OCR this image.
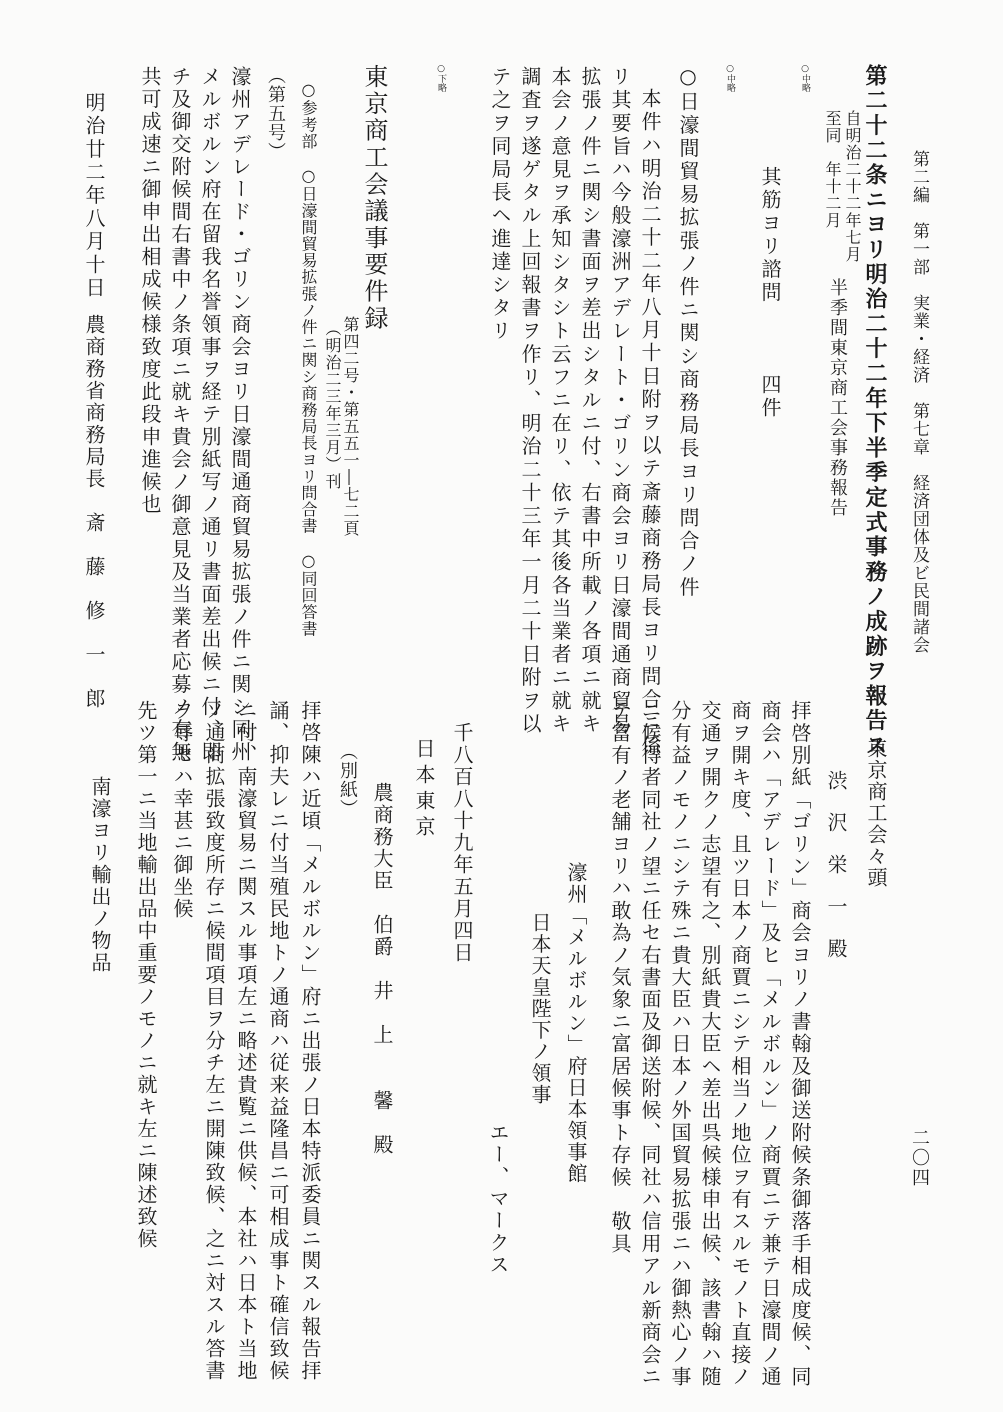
第二編　第一部　実業・経済　第七章　経済団体及ビ民間諸会
第二十二条ニヨリ明治二十二年下半季定式事務ノ成跡ヲ報告ス
自明治二十二年七月
至同　年十二月
半季間東京商工会事務報告
○中略
其筋ヨリ諮問　　　四件
○中略
○日濠間貿易拡張ノ件ニ関シ商務局長ヨリ問合ノ件
本件ハ明治二十二年八月十日附ヲ以テ斎藤商務局長ヨリ問合ニ係
リ其要旨ハ今般濠洲アデレート・ゴリン商会ヨリ日濠間通商貿易
拡張ノ件ニ関シ書面ヲ差出シタルニ付、右書中所載ノ各項ニ就キ
本会ノ意見ヲ承知シタシト云フニ在リ、依テ其後各当業者ニ就キ
調査ヲ遂ゲタル上回報書ヲ作リ、明治二十三年一月二十日附ヲ以
テ之ヲ同局長ヘ進達シタリ
○下略
東京商工会議事要件録
第四二号・第五五一―七二頁
（明治二三年三月）刊
○参考部　○日濠間貿易拡張ノ件ニ関シ商務局長ヨリ問合書　○同回答書
（第五号）
濠州アデレード・ゴリン商会ヨリ日濠間通商貿易拡張ノ件ニ関シ同州
メルボルン府在留我名誉領事ヲ経テ別紙写ノ通リ書面差出候ニ付、即
チ及御交附候間右書中ノ条項ニ就キ貴会ノ御意見及当業者応募ノ有無
共可成速ニ御申出相成候様致度此段申進候也
明治廿二年八月十日
農商務省商務局長　斎　藤　修　一　郎
二〇四
東京商工会々頭
渋　沢　栄　一　殿
拝啓別紙「ゴリン」商会ヨリノ書翰及御送附候条御落手相成度候、同
商会ハ「アデレード」及ヒ「メルボルン」ノ商賈ニテ兼テ日濠間ノ通
商ヲ開キ度、且ツ日本ノ商賈ニシテ相当ノ地位ヲ有スルモノト直接ノ
交通ヲ開クノ志望有之、別紙貴大臣ヘ差出呉候様申出候、該書翰ハ随
分有益ノモノニシテ殊ニ貴大臣ハ日本ノ外国貿易拡張ニハ御熱心ノ事
ニ候得者同社ノ望ニ任セ右書面及御送附候、同社ハ信用アル新商会ニ
テ富有ノ老舗ヨリハ敢為ノ気象ニ富居候事ト存候　敬具
濠州「メルボルン」府日本領事館
日本天皇陛下ノ領事
エー、マークス
千八百八十九年五月四日
日本東京
農商務大臣　伯爵　井　上　　馨　殿
（別紙）
拝啓陳ハ近頃「メルボルン」府ニ出張ノ日本特派委員ニ関スル報告拝
誦、抑夫レニ付当殖民地トノ通商ハ従来益隆昌ニ可相成事ト確信致候
ニ付、南濠貿易ニ関スル事項左ニ略述貴覧ニ供候、本社ハ日本ト当地
ノ通商拡張致度所存ニ候間項目ヲ分チ左ニ開陳致候、之ニ対スル答書
ヲ辱セハ幸甚ニ御坐候
先ツ第一ニ当地輸出品中重要ノモノニ就キ左ニ陳述致候
南濠ヨリ輸出ノ物品
